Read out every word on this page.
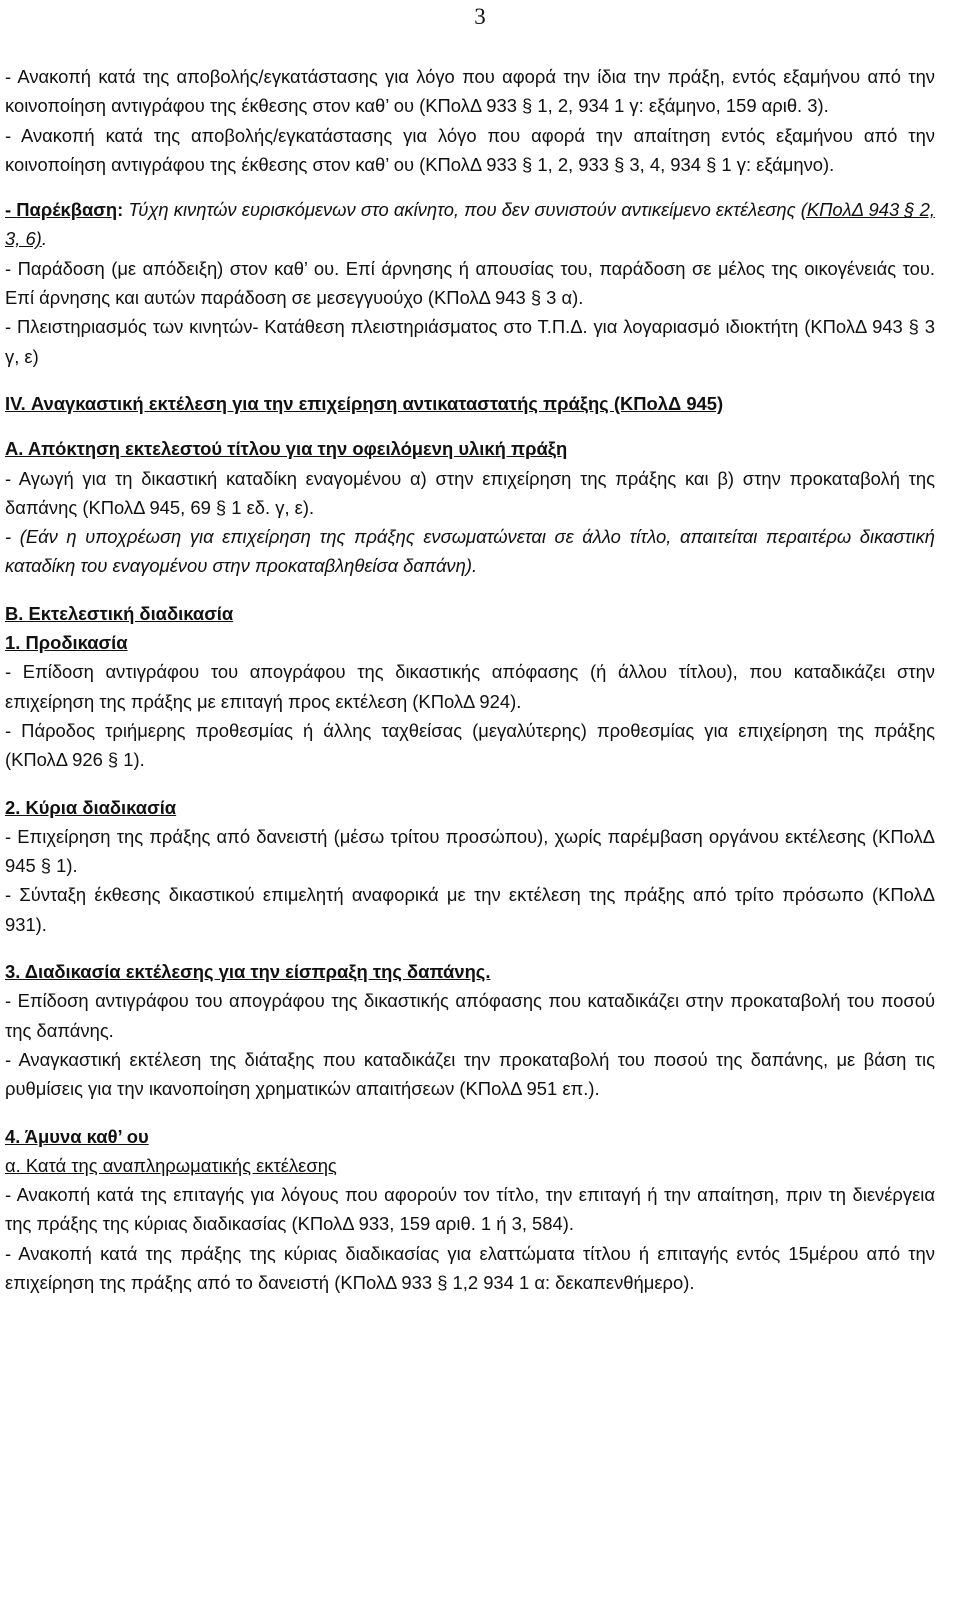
3

- Ανακοπή κατά της αποβολής/εγκατάστασης για λόγο που αφορά την ίδια την πράξη, εντός εξαμήνου από την κοινοποίηση αντιγράφου της έκθεσης στον καθ’ ου (ΚΠολΔ 933 § 1, 2, 934 1 γ: εξάμηνο, 159 αριθ. 3).

- Ανακοπή κατά της αποβολής/εγκατάστασης για λόγο που αφορά την απαίτηση εντός εξαμήνου από την κοινοποίηση αντιγράφου της έκθεσης στον καθ’ ου (ΚΠολΔ 933 § 1, 2, 933 § 3, 4, 934 § 1 γ: εξάμηνο).

- Παρέκβαση: Τύχη κινητών ευρισκόμενων στο ακίνητο, που δεν συνιστούν αντικείμενο εκτέλεσης (ΚΠολΔ 943 § 2, 3, 6).

- Παράδοση (με απόδειξη) στον καθ’ ου. Επί άρνησης ή απουσίας του, παράδοση σε μέλος της οικογένειάς του. Επί άρνησης και αυτών παράδοση σε μεσεγγυούχο (ΚΠολΔ 943 § 3 α).

- Πλειστηριασμός των κινητών- Κατάθεση πλειστηριάσματος στο Τ.Π.Δ. για λογαριασμό ιδιοκτήτη (ΚΠολΔ 943 § 3 γ, ε)

IV. Αναγκαστική εκτέλεση για την επιχείρηση αντικαταστατής πράξης (ΚΠολΔ 945)

Α. Απόκτηση εκτελεστού τίτλου για την οφειλόμενη υλική πράξη

- Αγωγή για τη δικαστική καταδίκη εναγομένου α) στην επιχείρηση της πράξης και β) στην προκαταβολή της δαπάνης (ΚΠολΔ 945, 69 § 1 εδ. γ, ε).

- (Εάν η υποχρέωση για επιχείρηση της πράξης ενσωματώνεται σε άλλο τίτλο, απαιτείται περαιτέρω δικαστική καταδίκη του εναγομένου στην προκαταβληθείσα δαπάνη).

Β. Εκτελεστική διαδικασία

1. Προδικασία

- Επίδοση αντιγράφου του απογράφου της δικαστικής απόφασης (ή άλλου τίτλου), που καταδικάζει στην επιχείρηση της πράξης με επιταγή προς εκτέλεση (ΚΠολΔ 924).

- Πάροδος τριήμερης προθεσμίας ή άλλης ταχθείσας (μεγαλύτερης) προθεσμίας για επιχείρηση της πράξης (ΚΠολΔ 926 § 1).

2. Κύρια διαδικασία

- Επιχείρηση της πράξης από δανειστή (μέσω τρίτου προσώπου), χωρίς παρέμβαση οργάνου εκτέλεσης (ΚΠολΔ 945 § 1).

- Σύνταξη έκθεσης δικαστικού επιμελητή αναφορικά με την εκτέλεση της πράξης από τρίτο πρόσωπο (ΚΠολΔ 931).

3. Διαδικασία εκτέλεσης για την είσπραξη της δαπάνης.

- Επίδοση αντιγράφου του απογράφου της δικαστικής απόφασης που καταδικάζει στην προκαταβολή του ποσού της δαπάνης.

- Αναγκαστική εκτέλεση της διάταξης που καταδικάζει την προκαταβολή του ποσού της δαπάνης, με βάση τις ρυθμίσεις για την ικανοποίηση χρηματικών απαιτήσεων (ΚΠολΔ 951 επ.).

4. Άμυνα καθ’ ου

α. Κατά της αναπληρωματικής εκτέλεσης

- Ανακοπή κατά της επιταγής για λόγους που αφορούν τον τίτλο, την επιταγή ή την απαίτηση, πριν τη διενέργεια της πράξης της κύριας διαδικασίας (ΚΠολΔ 933, 159 αριθ. 1 ή 3, 584).

- Ανακοπή κατά της πράξης της κύριας διαδικασίας για ελαττώματα τίτλου ή επιταγής εντός 15μέρου από την επιχείρηση της πράξης από το δανειστή (ΚΠολΔ 933 § 1,2 934 1 α: δεκαπενθήμερο).
